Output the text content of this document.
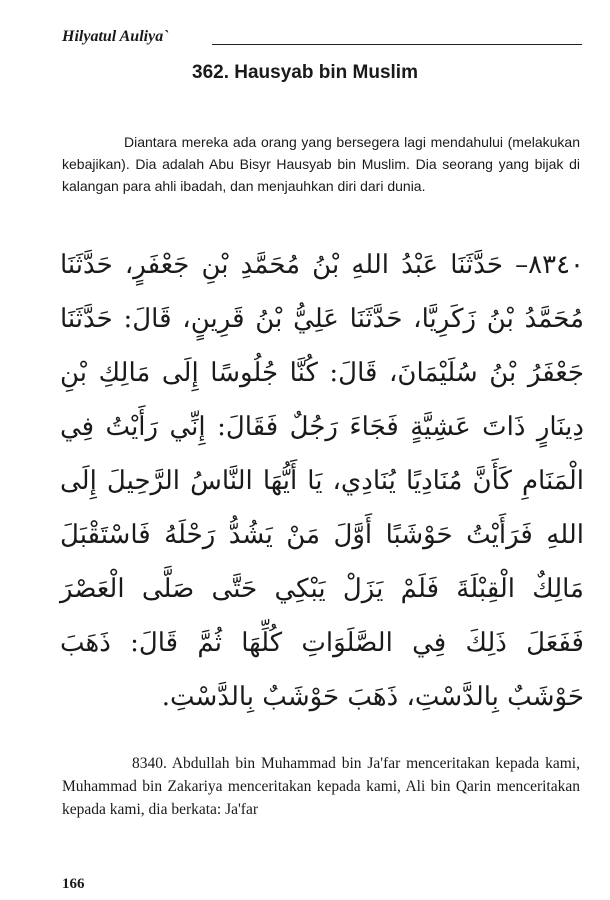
Hilyatul Auliya`
362. Hausyab bin Muslim

Diantara mereka ada orang yang bersegera lagi mendahului (melakukan kebajikan). Dia adalah Abu Bisyr Hausyab bin Muslim. Dia seorang yang bijak di kalangan para ahli ibadah, dan menjauhkan diri dari dunia.

٨٣٤٠– حَدَّثَنَا عَبْدُ اللهِ بْنُ مُحَمَّدِ بْنِ جَعْفَرٍ، حَدَّثَنَا مُحَمَّدُ بْنُ زَكَرِيَّا، حَدَّثَنَا عَلِيُّ بْنُ قَرِينٍ، قَالَ: حَدَّثَنَا جَعْفَرُ بْنُ سُلَيْمَانَ، قَالَ: كُنَّا جُلُوسًا إِلَى مَالِكِ بْنِ دِينَارٍ ذَاتَ عَشِيَّةٍ فَجَاءَ رَجُلٌ فَقَالَ: إِنِّي رَأَيْتُ فِي الْمَنَامِ كَأَنَّ مُنَادِيًا يُنَادِي، يَا أَيُّهَا النَّاسُ الرَّحِيلَ إِلَى اللهِ فَرَأَيْتُ حَوْشَبًا أَوَّلَ مَنْ يَشُدُّ رَحْلَهُ فَاسْتَقْبَلَ مَالِكٌ الْقِبْلَةَ فَلَمْ يَزَلْ يَبْكِي حَتَّى صَلَّى الْعَصْرَ فَفَعَلَ ذَلِكَ فِي الصَّلَوَاتِ كُلِّهَا ثُمَّ قَالَ: ذَهَبَ حَوْشَبٌ بِالدَّسْتِ، ذَهَبَ حَوْشَبٌ بِالدَّسْتِ.

8340. Abdullah bin Muhammad bin Ja'far menceritakan kepada kami, Muhammad bin Zakariya menceritakan kepada kami, Ali bin Qarin menceritakan kepada kami, dia berkata: Ja'far

166
